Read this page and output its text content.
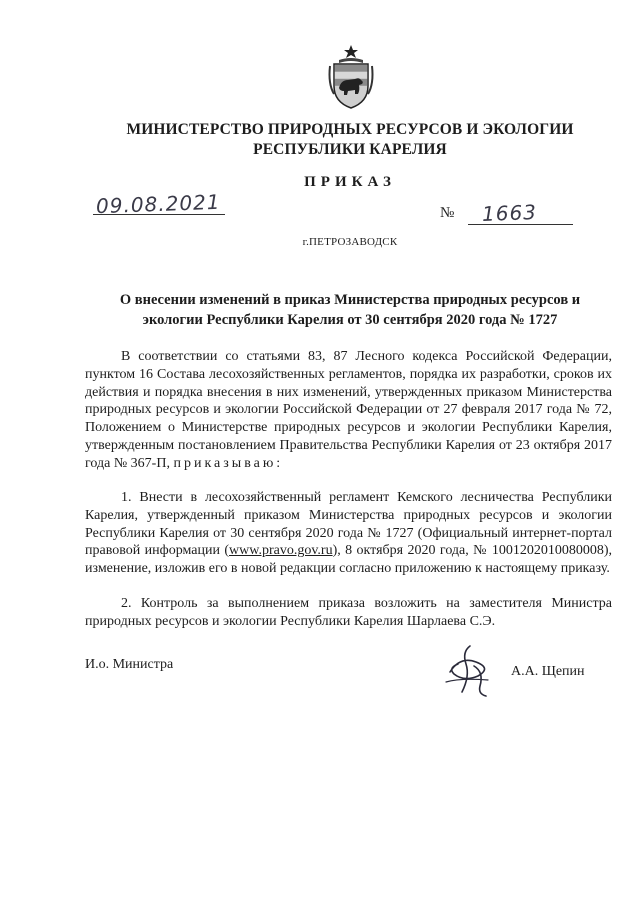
МИНИСТЕРСТВО ПРИРОДНЫХ РЕСУРСОВ И ЭКОЛОГИИ
РЕСПУБЛИКИ КАРЕЛИЯ
ПРИКАЗ
09.08.2021	№ 1663
г.ПЕТРОЗАВОДСК
О внесении изменений в приказ Министерства природных ресурсов и
экологии Республики Карелия от 30 сентября 2020 года № 1727
В соответствии со статьями 83, 87 Лесного кодекса Российской Федерации, пунктом 16 Состава лесохозяйственных регламентов, порядка их разработки, сроков их действия и порядка внесения в них изменений, утвержденных приказом Министерства природных ресурсов и экологии Российской Федерации от 27 февраля 2017 года № 72, Положением о Министерстве природных ресурсов и экологии Республики Карелия, утвержденным постановлением Правительства Республики Карелия от 23 октября 2017 года № 367-П, приказываю:
1. Внести в лесохозяйственный регламент Кемского лесничества Республики Карелия, утвержденный приказом Министерства природных ресурсов и экологии Республики Карелия от 30 сентября 2020 года № 1727 (Официальный интернет-портал правовой информации (www.pravo.gov.ru), 8 октября 2020 года, № 1001202010080008), изменение, изложив его в новой редакции согласно приложению к настоящему приказу.
2. Контроль за выполнением приказа возложить на заместителя Министра природных ресурсов и экологии Республики Карелия Шарлаева С.Э.
И.о. Министра	А.А. Щепин
